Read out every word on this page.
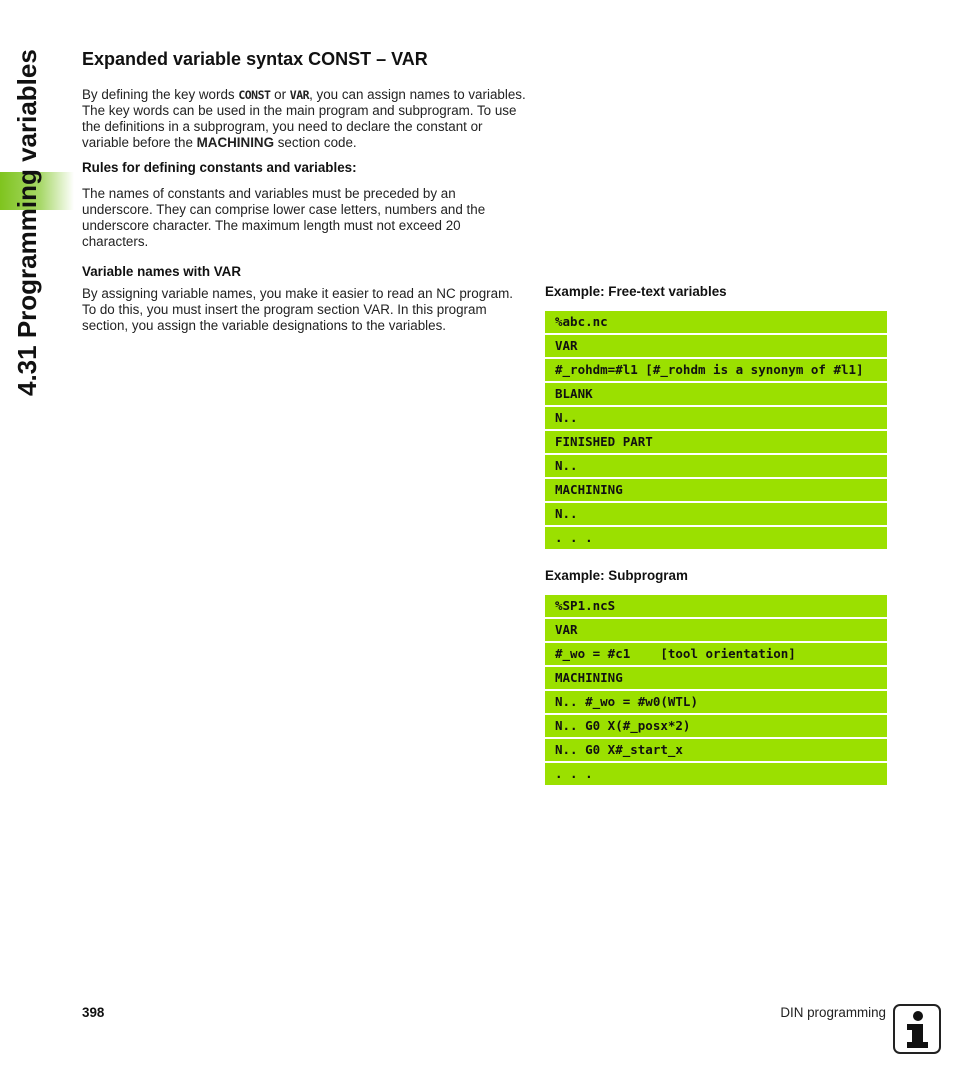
4.31 Programming variables Expanded variable syntax CONST – VAR

By defining the key words CONST or VAR, you can assign names to variables. The key words can be used in the main program and subprogram. To use the definitions in a subprogram, you need to declare the constant or variable before the MACHINING section code.

Rules for defining constants and variables:

The names of constants and variables must be preceded by an underscore. They can comprise lower case letters, numbers and the underscore character. The maximum length must not exceed 20 characters.

Variable names with VAR

By assigning variable names, you make it easier to read an NC program. To do this, you must insert the program section VAR. In this program section, you assign the variable designations to the variables.

Example: Free-text variables
%abc.nc
VAR
#_rohdm=#l1 [#_rohdm is a synonym of #l1]
BLANK
N..
FINISHED PART
N..
MACHINING
N..
. . .
Example: Subprogram
%SP1.ncS
VAR
#_wo = #c1    [tool orientation]
MACHINING
N.. #_wo = #w0(WTL)
N.. G0 X(#_posx*2)
N.. G0 X#_start_x
. . .
398	DIN programming
